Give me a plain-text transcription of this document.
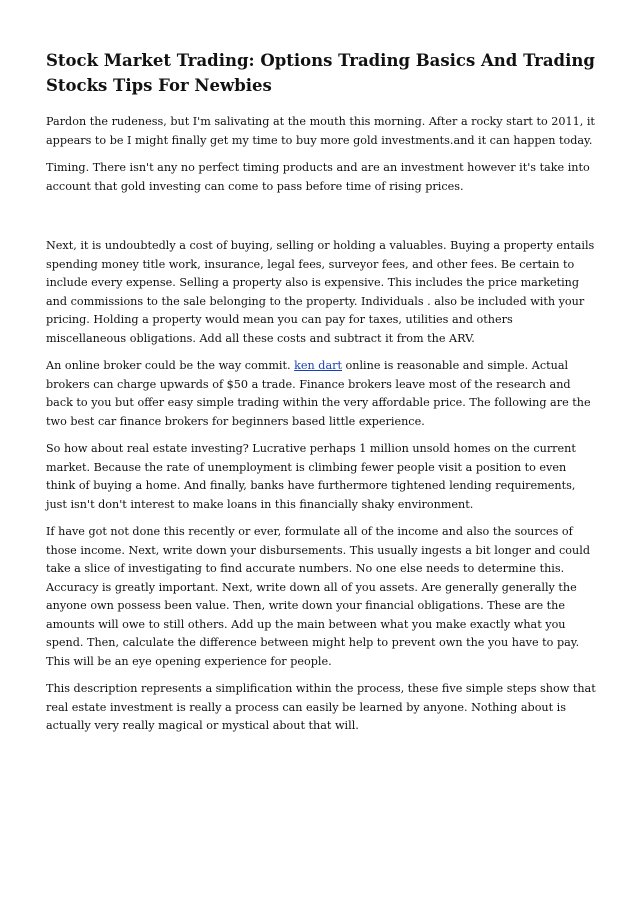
Stock Market Trading: Options Trading Basics And Trading Stocks Tips For Newbies

Pardon the rudeness, but I'm salivating at the mouth this morning. After a rocky start to 2011, it appears to be I might finally get my time to buy more gold investments.and it can happen today.

Timing. There isn't any no perfect timing products and are an investment however it's take into account that gold investing can come to pass before time of rising prices.

Next, it is undoubtedly a cost of buying, selling or holding a valuables. Buying a property entails spending money title work, insurance, legal fees, surveyor fees, and other fees. Be certain to include every expense. Selling a property also is expensive. This includes the price marketing and commissions to the sale belonging to the property. Individuals . also be included with your pricing. Holding a property would mean you can pay for taxes, utilities and others miscellaneous obligations. Add all these costs and subtract it from the ARV.

An online broker could be the way commit. ken dart online is reasonable and simple. Actual brokers can charge upwards of $50 a trade. Finance brokers leave most of the research and back to you but offer easy simple trading within the very affordable price. The following are the two best car finance brokers for beginners based little experience.

So how about real estate investing? Lucrative perhaps 1 million unsold homes on the current market. Because the rate of unemployment is climbing fewer people visit a position to even think of buying a home. And finally, banks have furthermore tightened lending requirements, just isn't don't interest to make loans in this financially shaky environment.

If have got not done this recently or ever, formulate all of the income and also the sources of those income. Next, write down your disbursements. This usually ingests a bit longer and could take a slice of investigating to find accurate numbers. No one else needs to determine this. Accuracy is greatly important. Next, write down all of you assets. Are generally generally the anyone own possess been value. Then, write down your financial obligations. These are the amounts will owe to still others. Add up the main between what you make exactly what you spend. Then, calculate the difference between might help to prevent own the you have to pay. This will be an eye opening experience for people.

This description represents a simplification within the process, these five simple steps show that real estate investment is really a process can easily be learned by anyone. Nothing about is actually very really magical or mystical about that will.
